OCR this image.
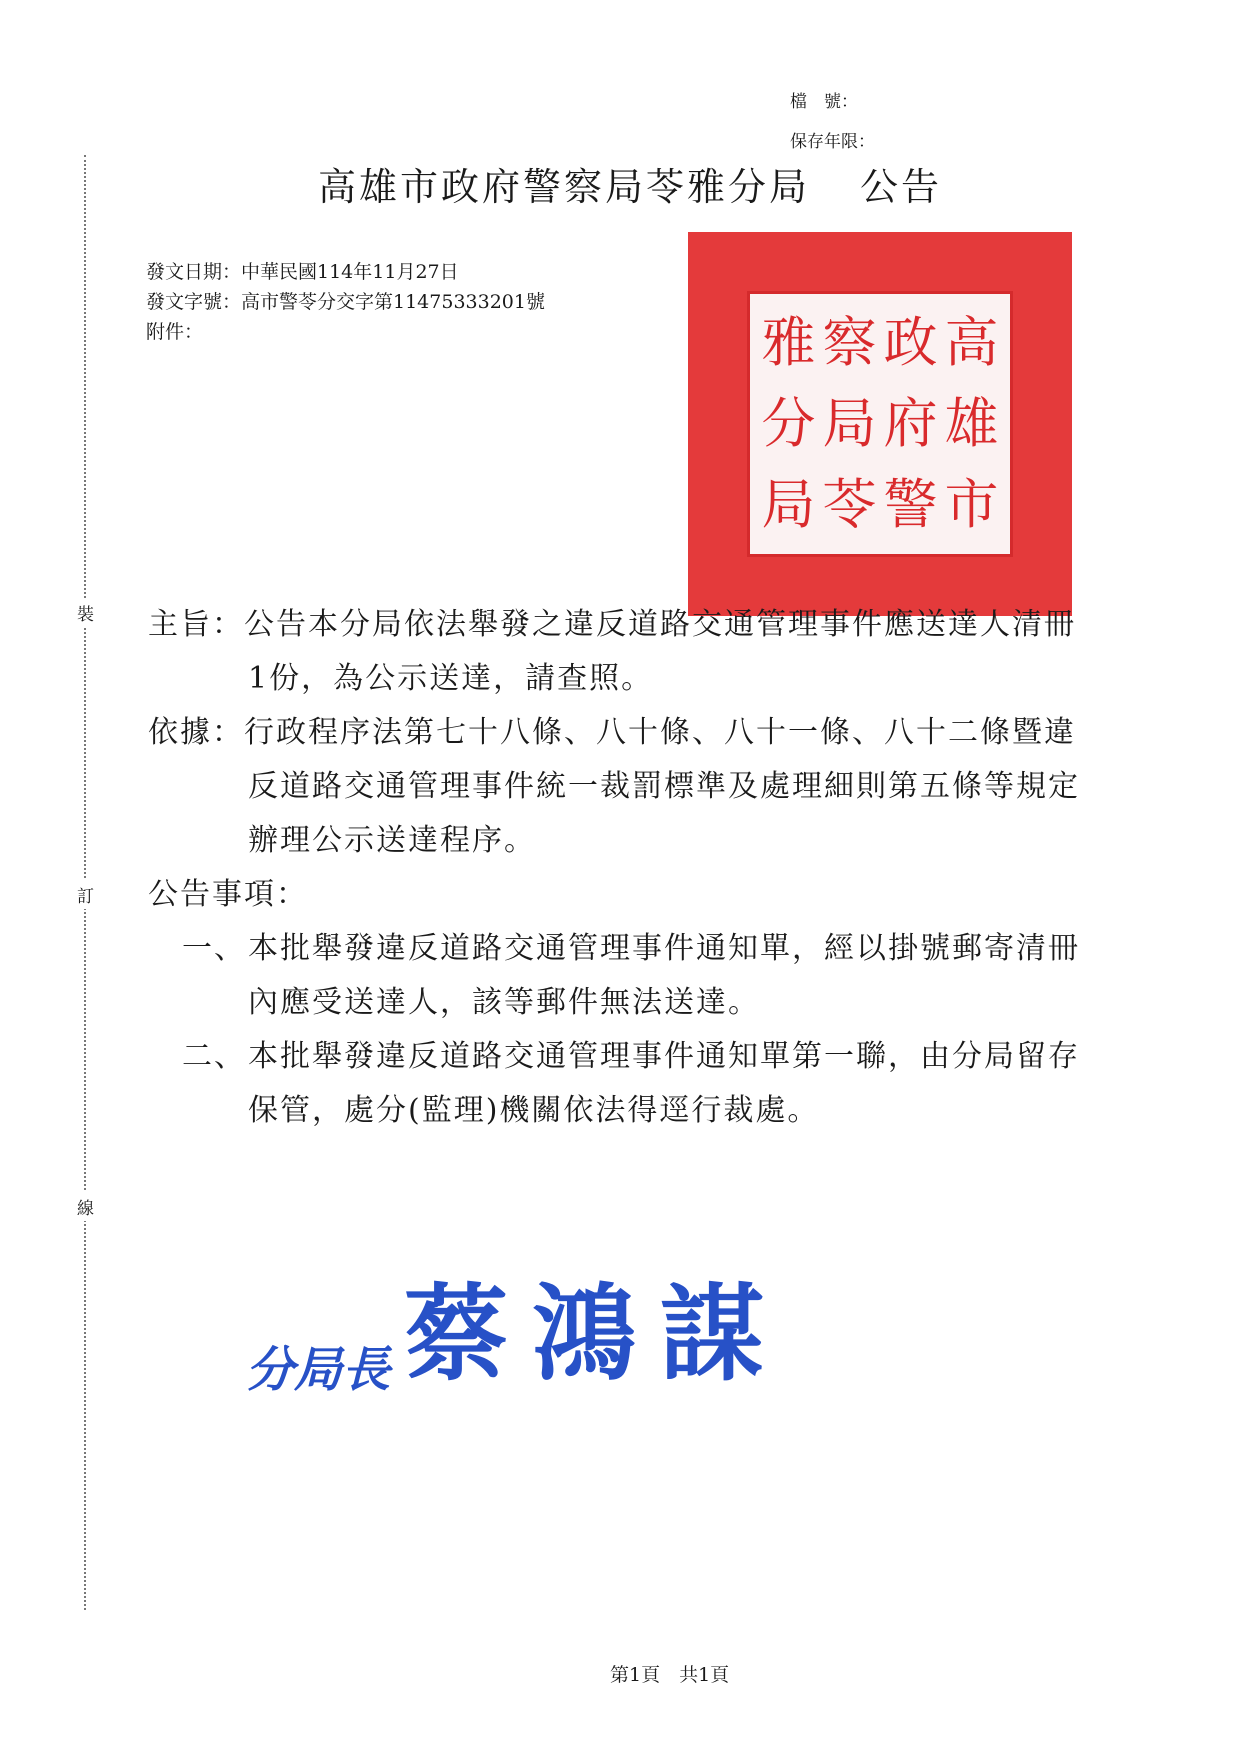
檔　號：
保存年限：
裝
訂
線
高雄市政府警察局苓雅分局 公告
發文日期：中華民國114年11月27日
發文字號：高市警苓分交字第11475333201號
附件：	雅 察 政 高
分 局 府 雄
局 苓 警 市
主旨：公告本分局依法舉發之違反道路交通管理事件應送達人清冊
1份，為公示送達，請查照。
依據：行政程序法第七十八條、八十條、八十一條、八十二條暨違
反道路交通管理事件統一裁罰標準及處理細則第五條等規定
辦理公示送達程序。
公告事項：
一、 本批舉發違反道路交通管理事件通知單，經以掛號郵寄清冊
內應受送達人，該等郵件無法送達。
二、 本批舉發違反道路交通管理事件通知單第一聯，由分局留存
保管，處分(監理)機關依法得逕行裁處。
分局長 蔡鴻謀
第1頁　共1頁
